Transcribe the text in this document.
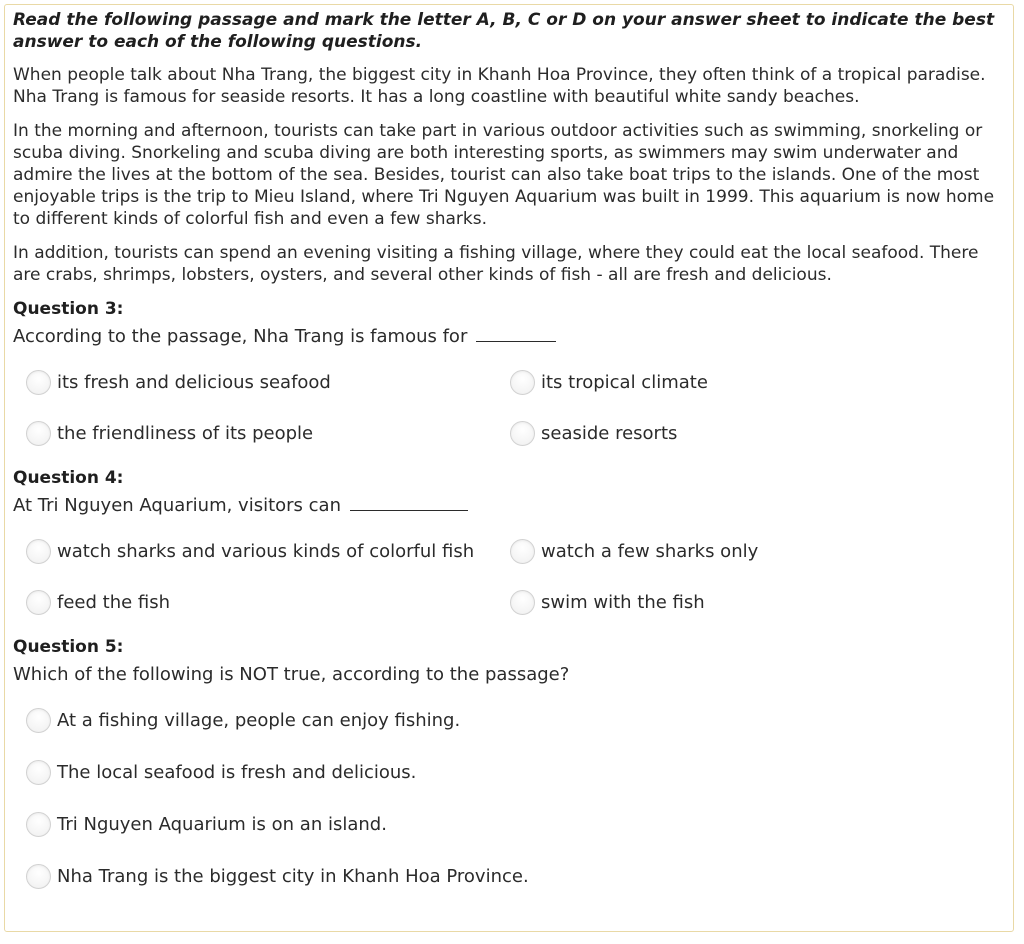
Read the following passage and mark the letter A, B, C or D on your answer sheet to indicate the best answer to each of the following questions.

When people talk about Nha Trang, the biggest city in Khanh Hoa Province, they often think of a tropical paradise. Nha Trang is famous for seaside resorts. It has a long coastline with beautiful white sandy beaches.

In the morning and afternoon, tourists can take part in various outdoor activities such as swimming, snorkeling or scuba diving. Snorkeling and scuba diving are both interesting sports, as swimmers may swim underwater and admire the lives at the bottom of the sea. Besides, tourist can also take boat trips to the islands. One of the most enjoyable trips is the trip to Mieu Island, where Tri Nguyen Aquarium was built in 1999. This aquarium is now home to different kinds of colorful fish and even a few sharks.

In addition, tourists can spend an evening visiting a fishing village, where they could eat the local seafood. There are crabs, shrimps, lobsters, oysters, and several other kinds of fish - all are fresh and delicious.

Question 3:
According to the passage, Nha Trang is famous for
its fresh and delicious seafood	its tropical climate
the friendliness of its people	seaside resorts
Question 4:
At Tri Nguyen Aquarium, visitors can
watch sharks and various kinds of colorful fish	watch a few sharks only
feed the fish	swim with the fish
Question 5:
Which of the following is NOT true, according to the passage?
At a fishing village, people can enjoy fishing.
The local seafood is fresh and delicious.
Tri Nguyen Aquarium is on an island.
Nha Trang is the biggest city in Khanh Hoa Province.
